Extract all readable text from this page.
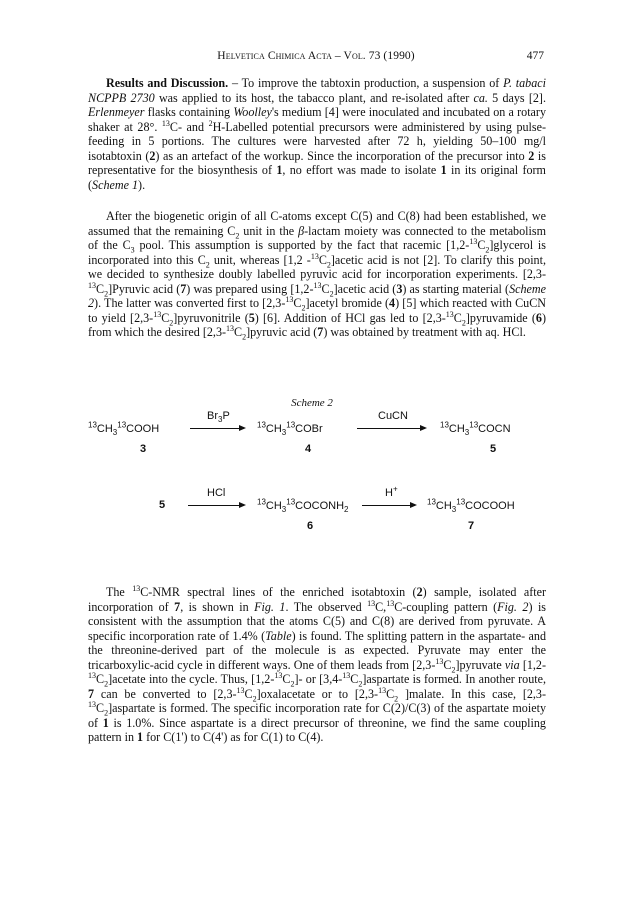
Helvetica Chimica Acta – Vol. 73 (1990)	477

Results and Discussion. – To improve the tabtoxin production, a suspension of P. tabaci NCPPB 2730 was applied to its host, the tabacco plant, and re-isolated after ca. 5 days [2]. Erlenmeyer flasks containing Woolley's medium [4] were inoculated and incubated on a rotary shaker at 28°. $^{13}$C- and $^2$H-Labelled potential precursors were administered by using pulse-feeding in 5 portions. The cultures were harvested after 72 h, yielding 50–100 mg/l isotabtoxin (2) as an artefact of the workup. Since the incorporation of the precursor into 2 is representative for the biosynthesis of 1, no effort was made to isolate 1 in its original form (Scheme 1).

After the biogenetic origin of all C-atoms except C(5) and C(8) had been established, we assumed that the remaining $C_2$ unit in the β-lactam moiety was connected to the metabolism of the $C_3$ pool. This assumption is supported by the fact that racemic $[1,2-^{13}C_2]glycerol$ is incorporated into this $C_2$ unit, whereas [1,2 $-^{13}C_2]acetic$ acid is not [2]. To clarify this point, we decided to synthesize doubly labelled pyruvic acid for incorporation experiments. $[2,3-^{13}C_2]Pyruvic$ acid (7) was prepared using $[1,2-^{13}C_2]acetic$ acid (3) as starting material (Scheme 2). The latter was converted first to $[2,3-^{13}C_2]acetyl$ bromide (4) [5] which reacted with CuCN to yield $[2,3-^{13}C_2]pyruvonitrile$ (5) [6]. Addition of HCl gas led to $[2,3-^{13}C_2]pyruvamide$ (6) from which the desired $[2,3-^{13}C_2]pyruvic$ acid (7) was obtained by treatment with aq. HCl.

Scheme 2
$^{13}CH_3^{13}COOH$
3
$Br_3P$
→ $^{13}CH_3^{13}COBr$
4
CuCN
$^{13}CH_3^{13}COCN$
5
5
HCl
→ $^{13}CH_3^{13}COCONH_2$
6
H+
→ $^{13}CH_3^{13}COCOOH$
7

The $^{13}$C-NMR spectral lines of the enriched isotabtoxin (2) sample, isolated after incorporation of 7, is shown in Fig. 1. The observed $^{13}$C,$^{13}$C-coupling pattern (Fig. 2) is consistent with the assumption that the atoms C(5) and C(8) are derived from pyruvate. A specific incorporation rate of 1.4% (Table) is found. The splitting pattern in the aspartate- and the threonine-derived part of the molecule is as expected. Pyruvate may enter the tricarboxylic-acid cycle in different ways. One of them leads from $[2,3-^{13}C_2]pyruvate$ via $[1,2-^{13}C_2]acetate$ into the cycle. Thus, $[1,2-^{13}C_2]-$ or $[3,4-^{13}C_2]aspartate$ is formed. In another route, 7 can be converted to $[2,3-^{13}C_2]oxalacetate$ or to [$2,3-^{13}C_2$ ]malate. In this case, $[2,3-^{13}C_2]aspartate$ is formed. The specific incorporation rate for C(2)/C(3) of the aspartate moiety of 1 is 1.0%. Since aspartate is a direct precursor of threonine, we find the same coupling pattern in 1 for C(1') to C(4') as for C(1) to C(4).
